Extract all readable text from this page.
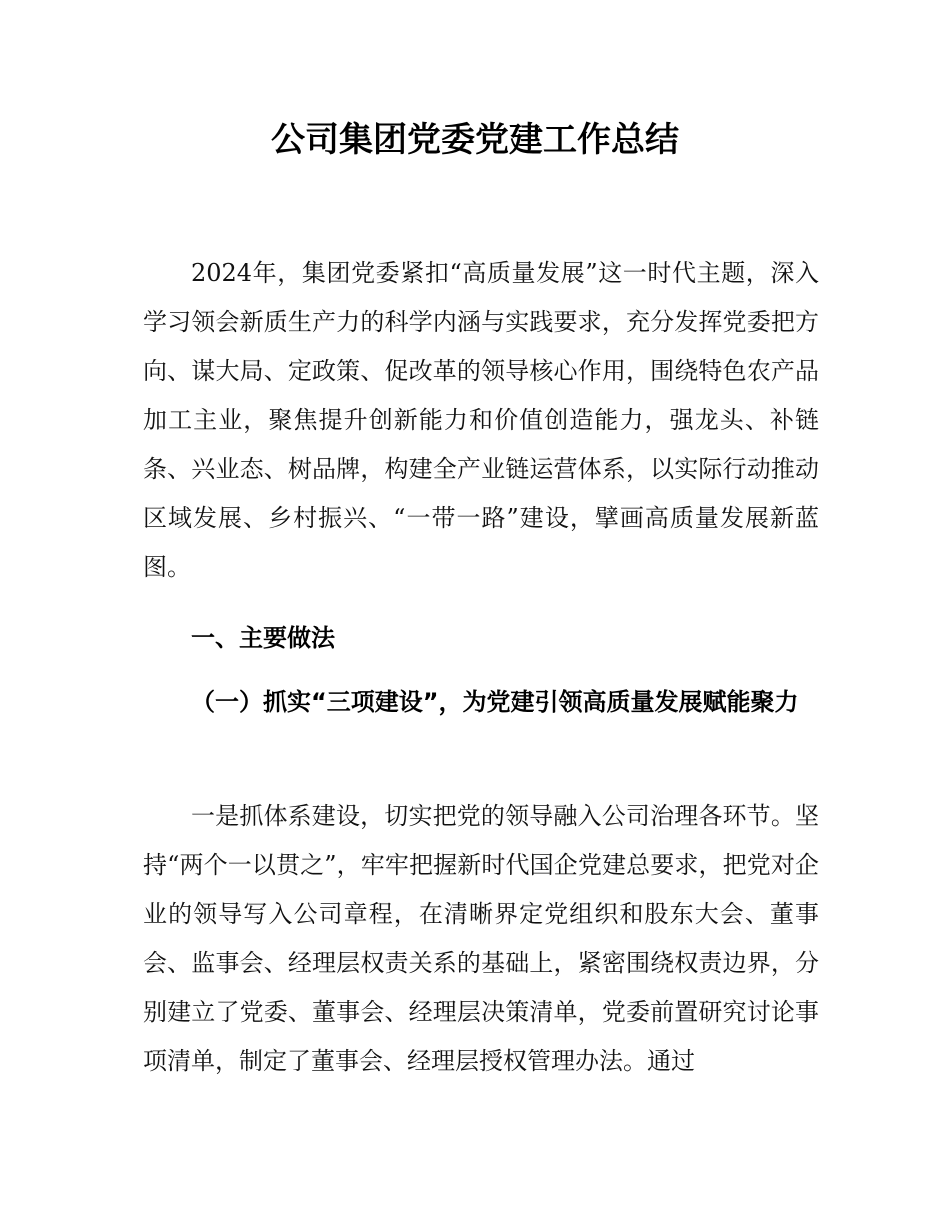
公司集团党委党建工作总结

2024年，集团党委紧扣“高质量发展”这一时代主题，深入学习领会新质生产力的科学内涵与实践要求，充分发挥党委把方向、谋大局、定政策、促改革的领导核心作用，围绕特色农产品加工主业，聚焦提升创新能力和价值创造能力，强龙头、补链条、兴业态、树品牌，构建全产业链运营体系，以实际行动推动区域发展、乡村振兴、“一带一路”建设，擘画高质量发展新蓝图。

一、主要做法

（一）抓实“三项建设”，为党建引领高质量发展赋能聚力

一是抓体系建设，切实把党的领导融入公司治理各环节。坚持“两个一以贯之”，牢牢把握新时代国企党建总要求，把党对企业的领导写入公司章程，在清晰界定党组织和股东大会、董事会、监事会、经理层权责关系的基础上，紧密围绕权责边界，分别建立了党委、董事会、经理层决策清单，党委前置研究讨论事项清单，制定了董事会、经理层授权管理办法。通过
